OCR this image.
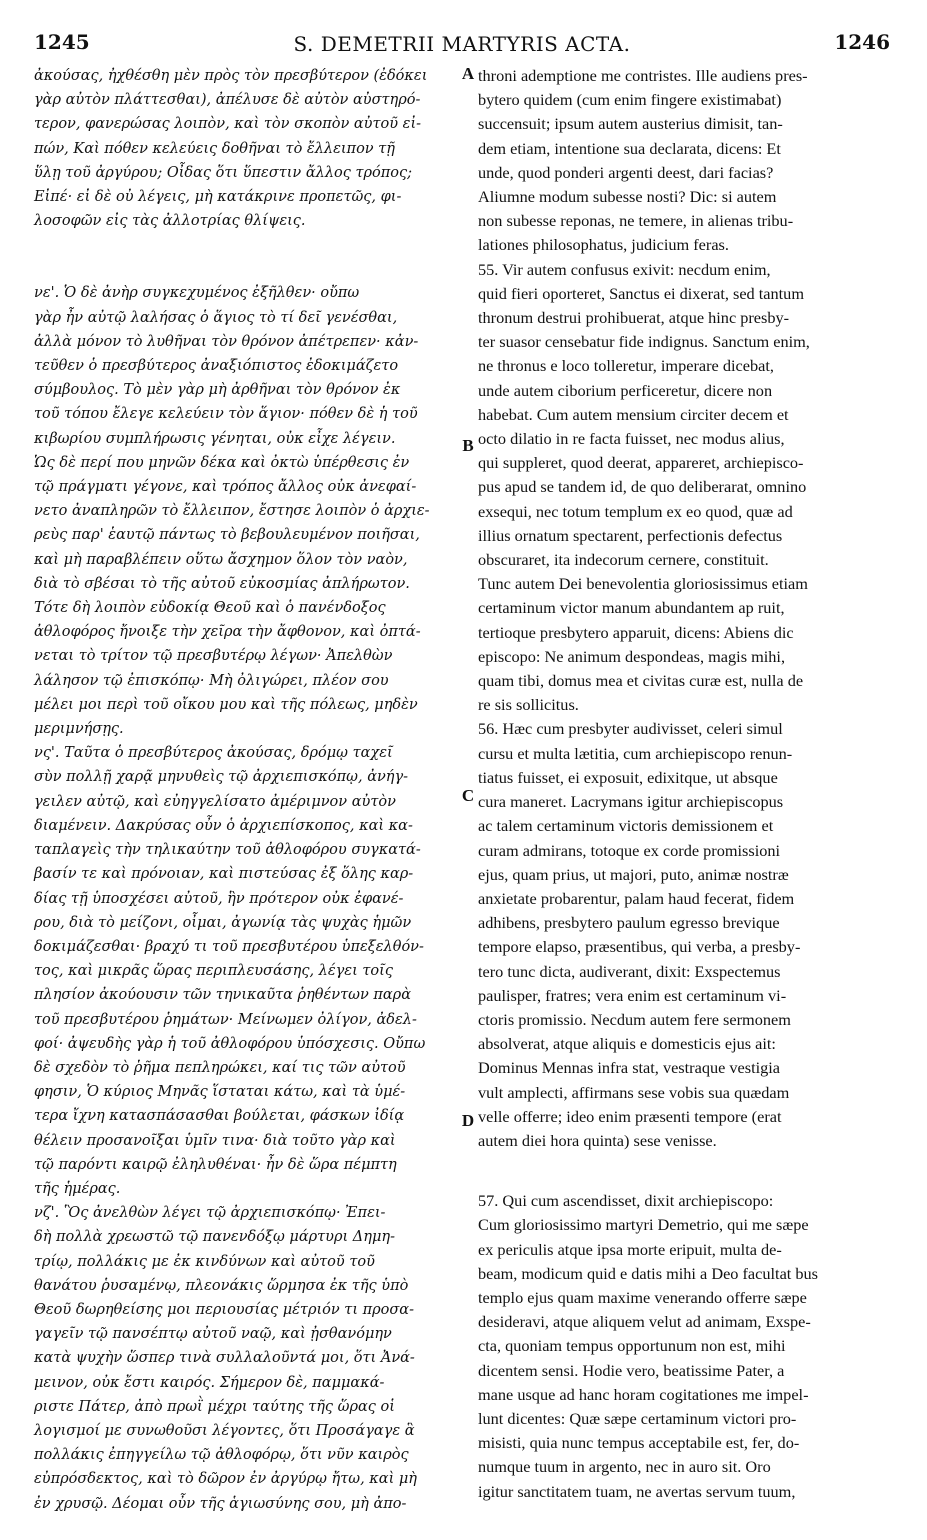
1245	S. DEMETRII MARTYRIS ACTA.	1246

ἀκούσας, ἠχθέσθη μὲν πρὸς τὸν πρεσβύτερον (ἐδόκει
γὰρ αὐτὸν πλάττεσθαι), ἀπέλυσε δὲ αὐτὸν αὐστηρό-
τερον, φανερώσας λοιπὸν, καὶ τὸν σκοπὸν αὐτοῦ εἰ-
πών, Καὶ πόθεν κελεύεις δοθῆναι τὸ ἔλλειπον τῇ
ὕλῃ τοῦ ἀργύρου; Οἶδας ὅτι ὕπεστιν ἄλλος τρόπος;
Εἰπέ· εἰ δὲ οὐ λέγεις, μὴ κατάκρινε προπετῶς, φι-
λοσοφῶν εἰς τὰς ἀλλοτρίας θλίψεις.

νε'. Ὁ δὲ ἀνὴρ συγκεχυμένος ἐξῆλθεν· οὔπω
γὰρ ἦν αὐτῷ λαλήσας ὁ ἅγιος τὸ τί δεῖ γενέσθαι,
ἀλλὰ μόνον τὸ λυθῆναι τὸν θρόνον ἀπέτρεπεν· κἀν-
τεῦθεν ὁ πρεσβύτερος ἀναξιόπιστος ἐδοκιμάζετο
σύμβουλος. Τὸ μὲν γὰρ μὴ ἀρθῆναι τὸν θρόνον ἐκ
τοῦ τόπου ἔλεγε κελεύειν τὸν ἅγιον· πόθεν δὲ ἡ τοῦ
κιβωρίου συμπλήρωσις γένηται, οὐκ εἶχε λέγειν.
Ὡς δὲ περί που μηνῶν δέκα καὶ ὀκτὼ ὑπέρθεσις ἐν
τῷ πράγματι γέγονε, καὶ τρόπος ἄλλος οὐκ ἀνεφαί-
νετο ἀναπληρῶν τὸ ἔλλειπον, ἔστησε λοιπὸν ὁ ἀρχιε-
ρεὺς παρ' ἑαυτῷ πάντως τὸ βεβουλευμένον ποιῆσαι,
καὶ μὴ παραβλέπειν οὕτω ἄσχημον ὅλον τὸν ναὸν,
διὰ τὸ σβέσαι τὸ τῆς αὐτοῦ εὐκοσμίας ἀπλήρωτον.
Τότε δὴ λοιπὸν εὐδοκίᾳ Θεοῦ καὶ ὁ πανένδοξος
ἀθλοφόρος ἤνοιξε τὴν χεῖρα τὴν ἄφθονον, καὶ ὀπτά-
νεται τὸ τρίτον τῷ πρεσβυτέρῳ λέγων· Ἀπελθὼν
λάλησον τῷ ἐπισκόπῳ· Μὴ ὀλιγώρει, πλέον σου
μέλει μοι περὶ τοῦ οἴκου μου καὶ τῆς πόλεως, μηδὲν
μεριμνήσῃς.

νς'. Ταῦτα ὁ πρεσβύτερος ἀκούσας, δρόμῳ ταχεῖ
σὺν πολλῇ χαρᾷ μηνυθεὶς τῷ ἀρχιεπισκόπῳ, ἀνήγ-
γειλεν αὐτῷ, καὶ εὐηγγελίσατο ἀμέριμνον αὐτὸν
διαμένειν. Δακρύσας οὖν ὁ ἀρχιεπίσκοπος, καὶ κα-
ταπλαγεὶς τὴν τηλικαύτην τοῦ ἀθλοφόρου συγκατά-
βασίν τε καὶ πρόνοιαν, καὶ πιστεύσας ἐξ ὅλης καρ-
δίας τῇ ὑποσχέσει αὐτοῦ, ἣν πρότερον οὐκ ἐφανέ-
ρου, διὰ τὸ μείζονι, οἶμαι, ἀγωνίᾳ τὰς ψυχὰς ἡμῶν
δοκιμάζεσθαι· βραχύ τι τοῦ πρεσβυτέρου ὑπεξελθόν-
τος, καὶ μικρᾶς ὥρας περιπλευσάσης, λέγει τοῖς
πλησίον ἀκούουσιν τῶν τηνικαῦτα ῥηθέντων παρὰ
τοῦ πρεσβυτέρου ῥημάτων· Μείνωμεν ὀλίγον, ἀδελ-
φοί· ἀψευδὴς γὰρ ἡ τοῦ ἀθλοφόρου ὑπόσχεσις. Οὔπω
δὲ σχεδὸν τὸ ῥῆμα πεπληρώκει, καί τις τῶν αὐτοῦ
φησιν, Ὁ κύριος Μηνᾶς ἵσταται κάτω, καὶ τὰ ὑμέ-
τερα ἴχνη κατασπάσασθαι βούλεται, φάσκων ἰδίᾳ
θέλειν προσανοῖξαι ὑμῖν τινα· διὰ τοῦτο γὰρ καὶ
τῷ παρόντι καιρῷ ἐληλυθέναι· ἦν δὲ ὥρα πέμπτη
τῆς ἡμέρας.

νζ'. Ὃς ἀνελθὼν λέγει τῷ ἀρχιεπισκόπῳ· Ἐπει-
δὴ πολλὰ χρεωστῶ τῷ πανενδόξῳ μάρτυρι Δημη-
τρίῳ, πολλάκις με ἐκ κινδύνων καὶ αὐτοῦ τοῦ
θανάτου ῥυσαμένῳ, πλεονάκις ὥρμησα ἐκ τῆς ὑπὸ
Θεοῦ δωρηθείσης μοι περιουσίας μέτριόν τι προσα-
γαγεῖν τῷ πανσέπτῳ αὐτοῦ ναῷ, καὶ ᾐσθανόμην
κατὰ ψυχὴν ὥσπερ τινὰ συλλαλοῦντά μοι, ὅτι Ἀνά-
μεινον, οὐκ ἔστι καιρός. Σήμερον δὲ, παμμακά-
ριστε Πάτερ, ἀπὸ πρωῒ μέχρι ταύτης τῆς ὥρας οἱ
λογισμοί με συνωθοῦσι λέγοντες, ὅτι Προσάγαγε ἃ
πολλάκις ἐπηγγείλω τῷ ἀθλοφόρῳ, ὅτι νῦν καιρὸς
εὐπρόσδεκτος, καὶ τὸ δῶρον ἐν ἀργύρῳ ἤτω, καὶ μὴ
ἐν χρυσῷ. Δέομαι οὖν τῆς ἁγιωσύνης σου, μὴ ἀπο-

A
B
C
D

throni ademptione me contristes. Ille audiens pres-
bytero quidem (cum enim fingere existimabat)
succensuit; ipsum autem austerius dimisit, tan-
dem etiam, intentione sua declarata, dicens: Et
unde, quod ponderi argenti deest, dari facias?
Aliumne modum subesse nosti? Dic: si autem
non subesse reponas, ne temere, in alienas tribu-
lationes philosophatus, judicium feras.

55. Vir autem confusus exivit: necdum enim,
quid fieri oporteret, Sanctus ei dixerat, sed tantum
thronum destrui prohibuerat, atque hinc presby-
ter suasor censebatur fide indignus. Sanctum enim,
ne thronus e loco tolleretur, imperare dicebat,
unde autem ciborium perficeretur, dicere non
habebat. Cum autem mensium circiter decem et
octo dilatio in re facta fuisset, nec modus alius,
qui suppleret, quod deerat, appareret, archiepisco-
pus apud se tandem id, de quo deliberarat, omnino
exsequi, nec totum templum ex eo quod, quæ ad
illius ornatum spectarent, perfectionis defectus
obscuraret, ita indecorum cernere, constituit.
Tunc autem Dei benevolentia gloriosissimus etiam
certaminum victor manum abundantem ap ruit,
tertioque presbytero apparuit, dicens: Abiens dic
episcopo: Ne animum despondeas, magis mihi,
quam tibi, domus mea et civitas curæ est, nulla de
re sis sollicitus.

56. Hæc cum presbyter audivisset, celeri simul
cursu et multa lætitia, cum archiepiscopo renun-
tiatus fuisset, ei exposuit, edixitque, ut absque
cura maneret. Lacrymans igitur archiepiscopus
ac talem certaminum victoris demissionem et
curam admirans, totoque ex corde promissioni
ejus, quam prius, ut majori, puto, animæ nostræ
anxietate probarentur, palam haud fecerat, fidem
adhibens, presbytero paulum egresso brevique
tempore elapso, præsentibus, qui verba, a presby-
tero tunc dicta, audiverant, dixit: Exspectemus
paulisper, fratres; vera enim est certaminum vi-
ctoris promissio. Necdum autem fere sermonem
absolverat, atque aliquis e domesticis ejus ait:
Dominus Mennas infra stat, vestraque vestigia
vult amplecti, affirmans sese vobis sua quædam
velle offerre; ideo enim præsenti tempore (erat
autem diei hora quinta) sese venisse.

57. Qui cum ascendisset, dixit archiepiscopo:
Cum gloriosissimo martyri Demetrio, qui me sæpe
ex periculis atque ipsa morte eripuit, multa de-
beam, modicum quid e datis mihi a Deo facultat bus
templo ejus quam maxime venerando offerre sæpe
desideravi, atque aliquem velut ad animam, Exspe-
cta, quoniam tempus opportunum non est, mihi
dicentem sensi. Hodie vero, beatissime Pater, a
mane usque ad hanc horam cogitationes me impel-
lunt dicentes: Quæ sæpe certaminum victori pro-
misisti, quia nunc tempus acceptabile est, fer, do-
numque tuum in argento, nec in auro sit. Oro
igitur sanctitatem tuam, ne avertas servum tuum,
